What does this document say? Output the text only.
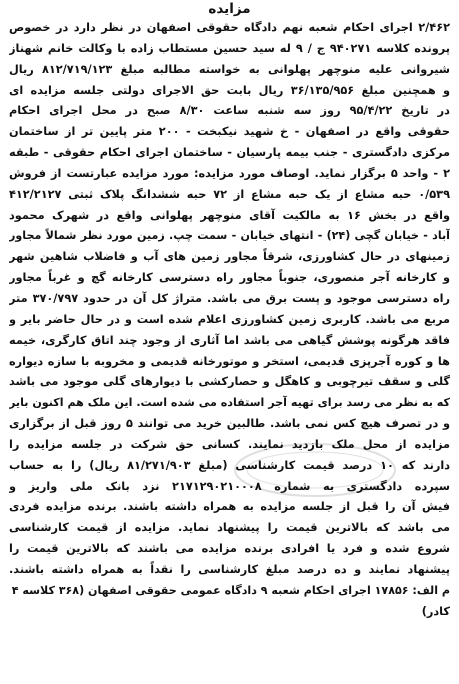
مزایده
۲/۴۶۲ اجرای احکام شعبه نهم دادگاه حقوقی اصفهان در نظر دارد در خصوص
پرونده کلاسه ۹۴۰۲۷۱ ج / ۹ له سید حسین مستطاب زاده با وکالت خانم شهناز
شیروانی علیه منوچهر پهلوانی به خواسته مطالبه مبلغ ۸۱۲/۷۱۹/۱۲۳ ریال
و همچنین مبلغ ۳۶/۱۳۵/۹۵۶ ریال بابت حق الاجرای دولتی جلسه مزایده ای
در تاریخ ۹۵/۴/۲۲ روز سه شنبه ساعت ۸/۳۰ صبح در محل اجرای احکام
حقوقی واقع در اصفهان - خ شهید نیکبخت - ۲۰۰ متر پایین تر از ساختمان
مرکزی دادگستری - جنب بیمه پارسیان - ساختمان اجرای احکام حقوقی - طبقه
۲ - واحد ۵ برگزار نماید. اوصاف مورد مزایده: مورد مزایده عبارتست از فروش
۰/۵۳۹ حبه مشاع از یک حبه مشاع از ۷۲ حبه ششدانگ پلاک ثبتی ۴۱۲/۲۱۲۷
واقع در بخش ۱۶ به مالکیت آقای منوچهر پهلوانی واقع در شهرک محمود
آباد - خیابان گچی (۲۴) - انتهای خیابان - سمت چپ. زمین مورد نظر شمالاً مجاور
زمینهای در حال کشاورزی، شرقاً مجاور زمین های آب و فاضلاب شاهین شهر
و کارخانه آجر منصوری، جنوباً مجاور راه دسترسی کارخانه گچ و غرباً مجاور
راه دسترسی موجود و پست برق می باشد. متراژ کل آن در حدود ۳۷۰/۷۹۷ متر
مربع می باشد. کاربری زمین کشاورزی اعلام شده است و در حال حاضر بایر و
فاقد هرگونه پوشش گیاهی می باشد اما آثاری از وجود چند اتاق کارگری، خیمه
ها و کوره آجرپزی قدیمی، استخر و موتورخانه قدیمی و مخروبه با سازه دیواره
گلی و سقف تیرچوبی و کاهگل و حصارکشی با دیوارهای گلی موجود می باشد
که به نظر می رسد برای تهیه آجر استفاده می شده است. این ملک هم اکنون بایر
و در تصرف هیچ کس نمی باشد. طالبین خرید می توانند ۵ روز قبل از برگزاری
مزایده از محل ملک بازدید نمایند. کسانی حق شرکت در جلسه مزایده را
دارند که ۱۰ درصد قیمت کارشناسی (مبلغ ۸۱/۲۷۱/۹۰۳ ریال) را به حساب
سپرده دادگستری به شماره ۲۱۷۱۲۹۰۲۱۰۰۰۸ نزد بانک ملی واریز و
فیش آن را قبل از جلسه مزایده به همراه داشته باشند. برنده مزایده فردی
می باشد که بالاترین قیمت را پیشنهاد نماید. مزایده از قیمت کارشناسی
شروع شده و فرد یا افرادی برنده مزایده می باشند که بالاترین قیمت را
پیشنهاد نمایند و ده درصد مبلغ کارشناسی را نقداً به همراه داشته باشند.
م الف: ۱۷۸۵۶ اجرای احکام شعبه ۹ دادگاه عمومی حقوقی اصفهان (۳۶۸ کلاسه ۴
کادر)
